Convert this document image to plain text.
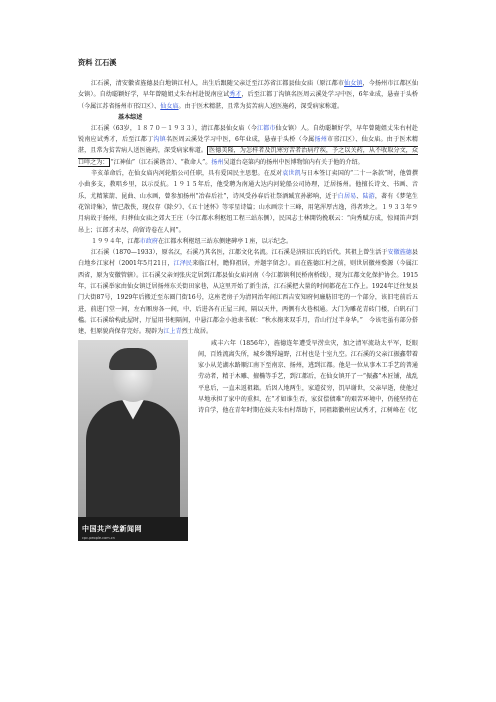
资料 江石溪

江石溪，清安徽省旌德县白地镇江村人，出生后跟随父亲迁至江苏省江都县仙女庙（原江都市仙女镇，今扬州市江都区仙女镇）。自幼聪颖好学，早年曾随姐丈朱右村赴锐南应试秀才，后至江都丁沟镇名医周云溪处学习中医，6年业成，悬壶于头桥（今属江苏省扬州市邗江区）、仙女庙。由于医术精湛，且常为贫苦病人送医施药，深受病家称道。

基本综述

江石溪（63岁，１８７０－１９３３），清江都县仙女庙（今江都市仙女镇）人。自幼聪颖好学，早年曾随姐丈朱右村赴锐南应试秀才，后至江都丁沟镇名医周云溪处学习中医，6年业成，悬壶于头桥（今属扬州市邗江区）、仙女庙。由于医术精湛，且常为贫苦病人送医施药，深受病家称道。 医德美隆，为怎样者及饥寒穷苦者治病疗疾，予之以关药，从不收取分文，众口咩之为： “江神仙”（江石溪谐音）、“救命人”。扬州吴道台亳第内的扬州中医博物馆内有关于他的介绍。

辛亥革命后，在仙女庙内河轮船公司任职，具有爱国民主思想。在反对袁世凯与日本签订卖国的“二十一条款”时，他曾撰小曲多支，教唱乡里，以示反抗。１９１５年后，他受聘为南通大达内河轮船公司协理，迁居扬州。他擅长诗文、书画、音乐，尤精篆箭、昆曲、山水画，曾参加扬州“冶春后社”，诗风受孙春后社祭酒臧宜孙影响，近于白居易、陆游，著有《梦笔生花馆诗集》，情已散佚，现仅存《除夕》、《五十述怀》等零星诗篇；山水画宗十三峰，用笔浑厚古逸，得者珍之。１９３３年９月病故于扬州，归葬仙女庙之郊大王庄（今江都水利枢纽工程三站东侧），民国志士林開钧挽联云：“向秀赋方成，惊闻笛声到吊上；江郎才未尽，尚留诗卷在人间”。

１９９４年，江都市政府在江都水利枢纽三站东侧建碑亭１座，以示纪念。

江石溪（1870—1933），原名汉，石溪乃其名医，江都文化名流。江石溪是济阳江氏的后代。其祖上曾生活于安徽旌德县白地乡江家村（2001年5月21日，江泽民来临江村，瞻仰祖居，并题字留念）。而在旌德江村之前，则世居徽州婺源（今属江西省，原为安徽管辖）。江石溪父亲刘张庆定居到江都县仙女庙河南（今江都镇利民桥南桥线），现为江都文化保护协会。1915年，江石溪举家由仙女镇迁居扬州东关街田家巷，从这里开始了新生活，江石溪把大量的时间都花在工作上。1924年迁往复县门大街87号，1929年后搬迁至东圈门街16号，这座老房子为清同治年间江西吉安知府何廉舫旧宅的一个部分，该旧宅前后五进，前进门堂一间，左右厢房各一间，中、后进各有正屋三间，隔以天井，两侧有火巷相通。大门为雕花青砖门楼，白矾石门槛。江石溪给构此屋时，厅屋用书柜隔间，中悬江都金小池隶书联：“秋水掬来双手月，青山行过半身华。”　今该宅虽有部分搭建，但原貌尚保存完好。现辟为江上青烈士故居。

中国共产党新闻网
cpc.people.com.cn

咸丰六年（1856年），旌德连年遭受旱涝虫灾，加之清军流劫太平军，眨眼间，百姓流离失所，城乡饿殍遍野，江村也是十室九空。江石溪的父亲江振鑫带着家小从芜湖水路顺江南下至南京、扬州，逃到江都。他是一位从事木工手艺的普通劳动者，精于木雕、擅椭等手艺，到江都后，在仙女镇开了一“振鑫”木匠铺，战乱平息后，一直未返祖籍。后因人地两生，家道贫穷，饥早谢世，父亲早逝，使他过早地承担了家中的重担，在“才如谁生否，家贫偿债难”的艰苦环境中，仍能坚持在诗自学，他在青年时期在妹夫朱右村帮助下，同祖籍徽州应试秀才，江树峰在《忆
